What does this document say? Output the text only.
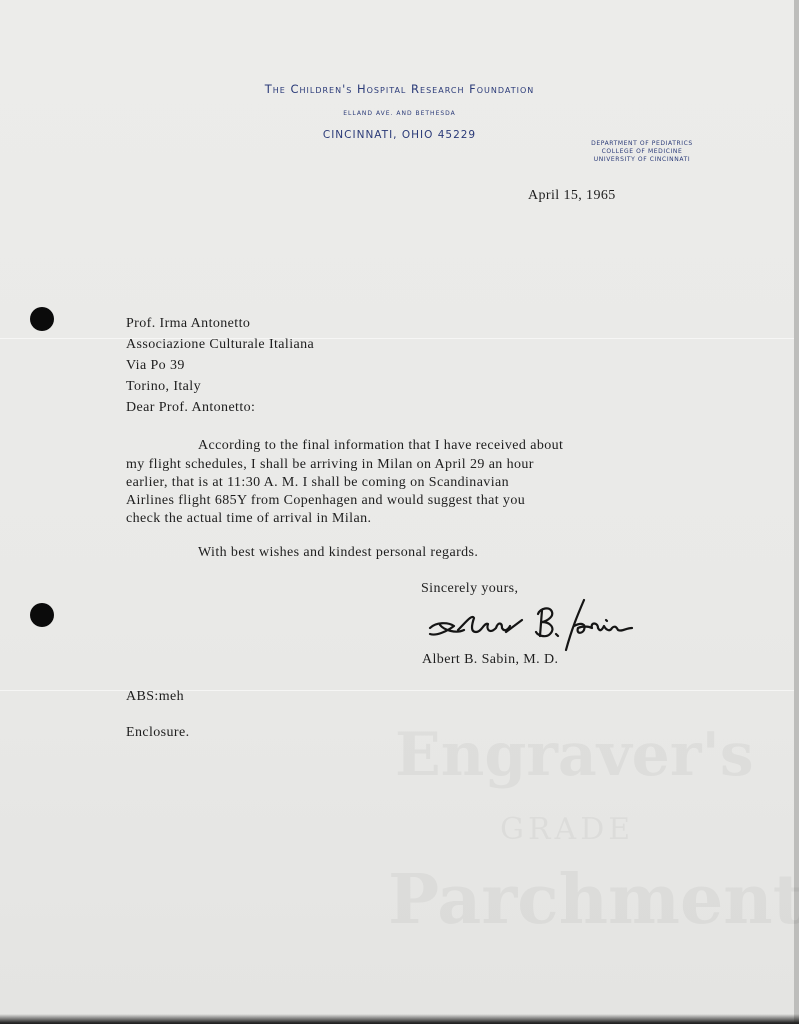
The Children's Hospital Research Foundation
ELLAND AVE. AND BETHESDA
CINCINNATI, OHIO 45229
DEPARTMENT OF PEDIATRICS
COLLEGE OF MEDICINE
UNIVERSITY OF CINCINNATI
April 15, 1965
Prof. Irma Antonetto
Associazione Culturale Italiana
Via Po 39
Torino, Italy
Dear Prof. Antonetto:
According to the final information that I have received about
my flight schedules, I shall be arriving in Milan on April 29 an hour
earlier, that is at 11:30 A. M. I shall be coming on Scandinavian
Airlines flight 685Y from Copenhagen and would suggest that you
check the actual time of arrival in Milan.
With best wishes and kindest personal regards.
Sincerely yours,
Albert B. Sabin, M. D.
ABS:meh
Enclosure.
